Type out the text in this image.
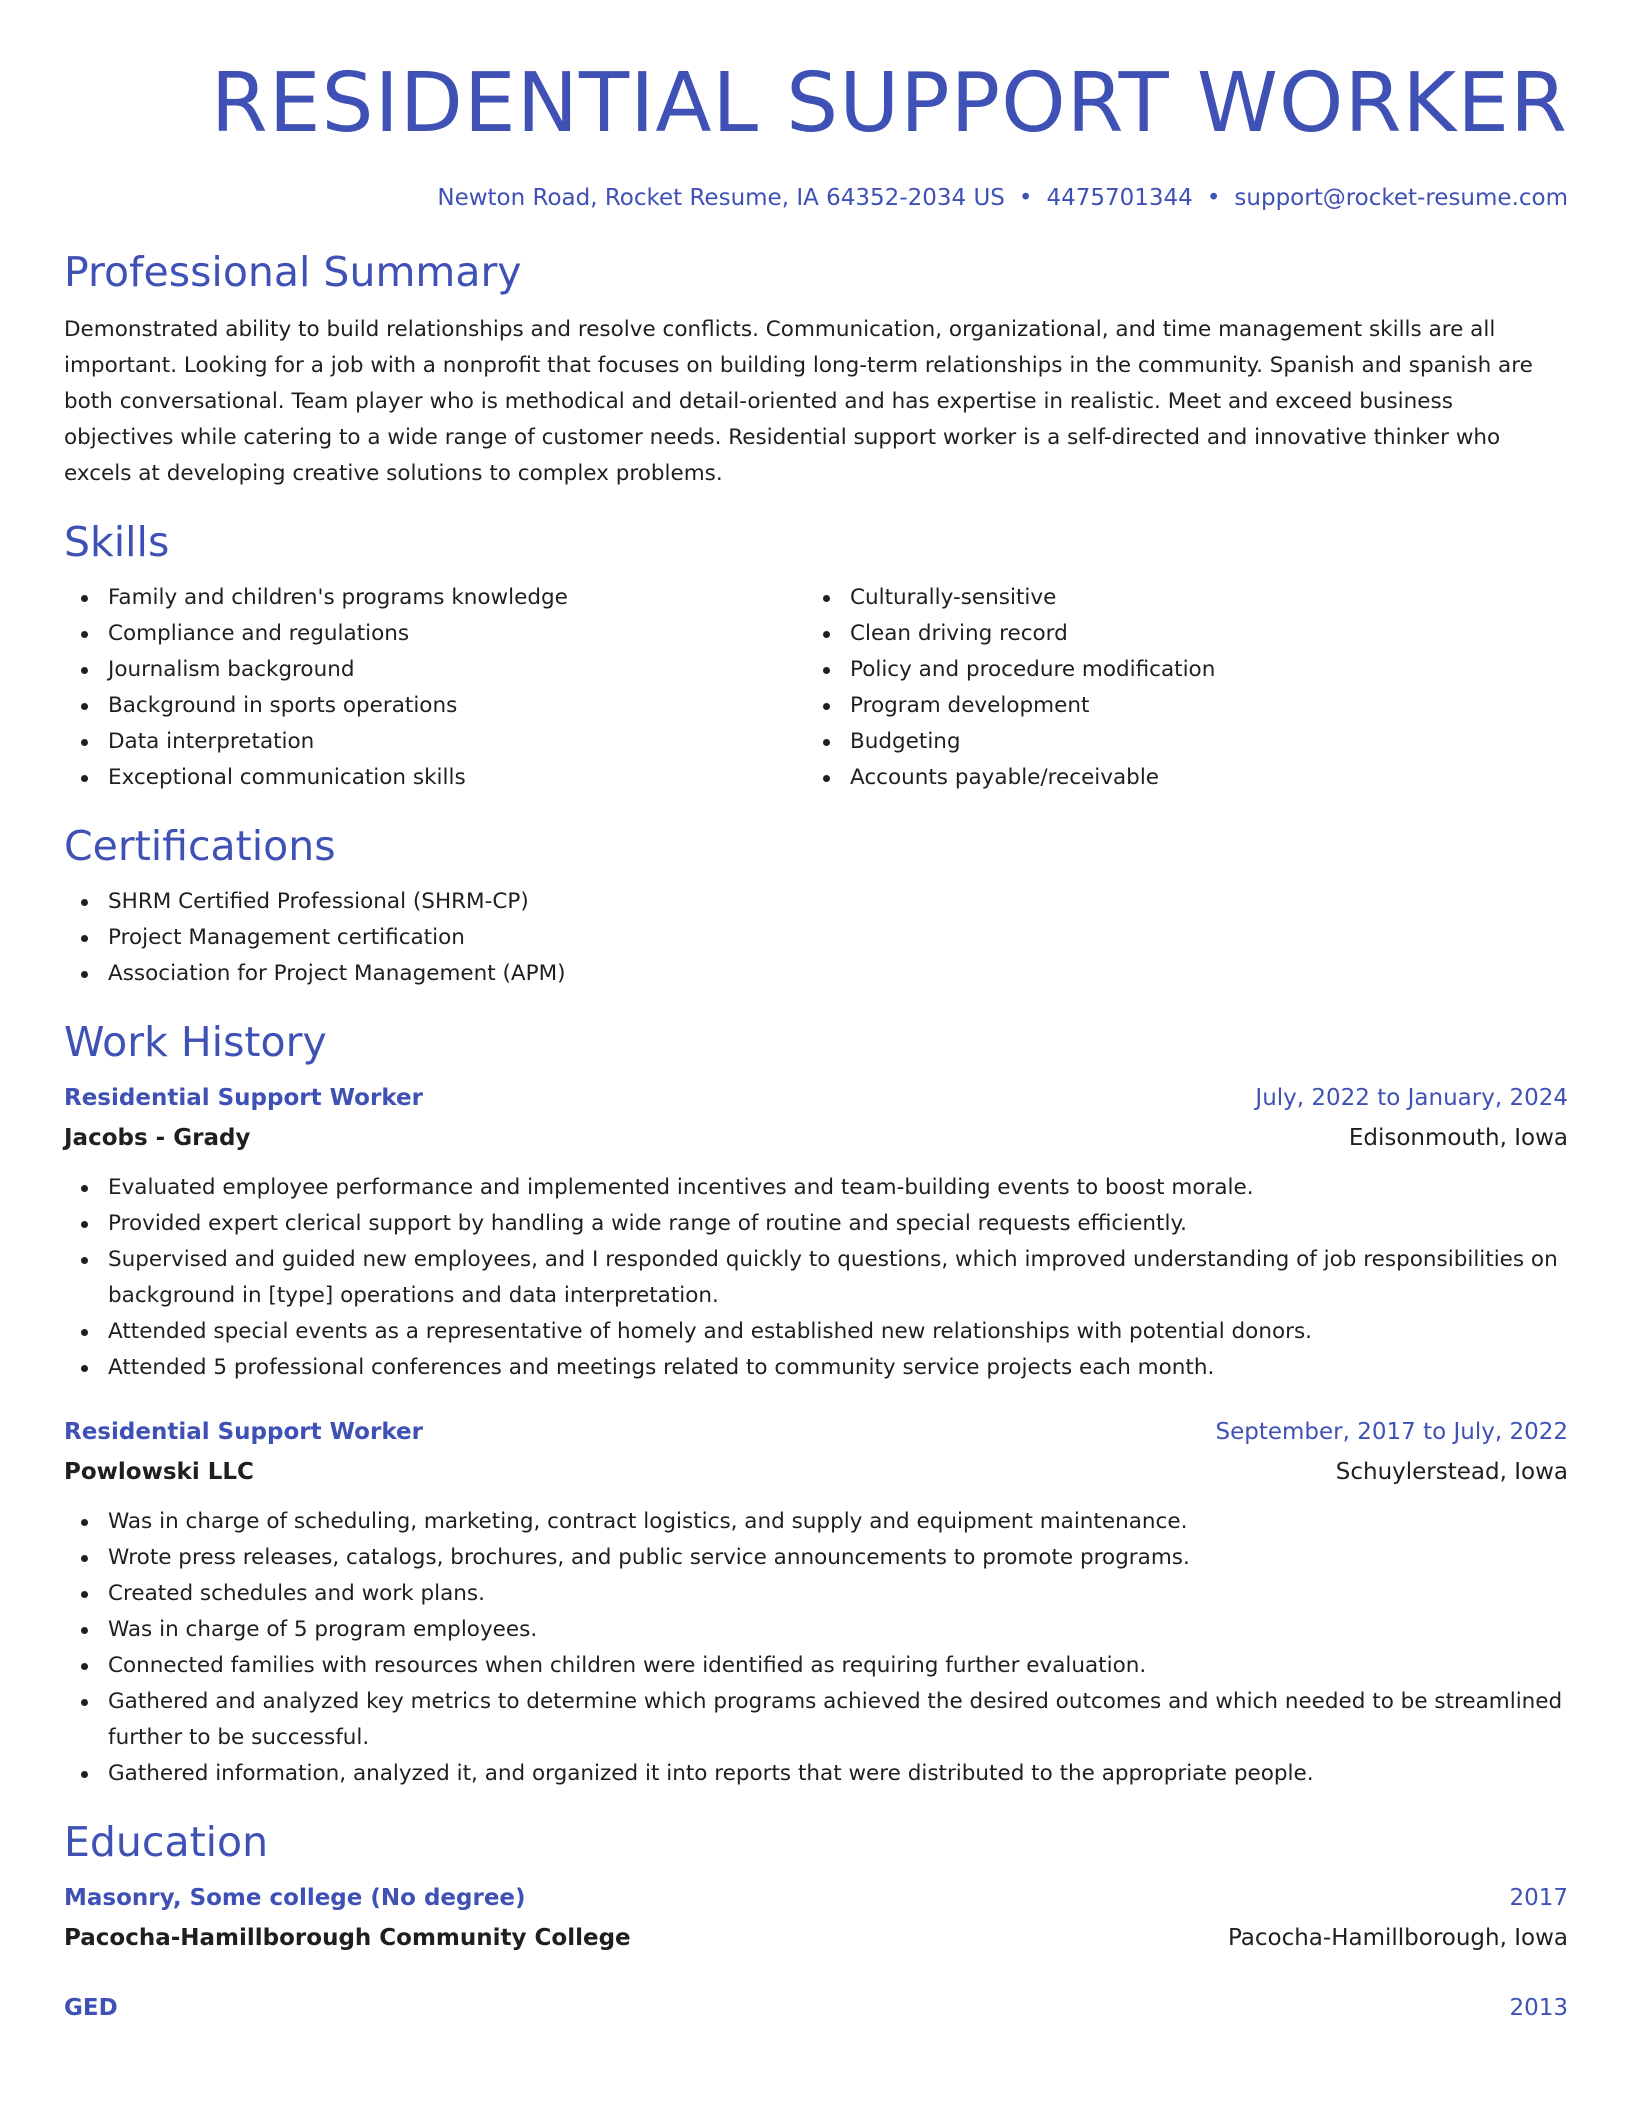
RESIDENTIAL SUPPORT WORKER
Newton Road, Rocket Resume, IA 64352-2034 US • 4475701344 • support@rocket-resume.com
Professional Summary

Demonstrated ability to build relationships and resolve conflicts. Communication, organizational, and time management skills are all important. Looking for a job with a nonprofit that focuses on building long-term relationships in the community. Spanish and spanish are both conversational. Team player who is methodical and detail-oriented and has expertise in realistic. Meet and exceed business objectives while catering to a wide range of customer needs. Residential support worker is a self-directed and innovative thinker who excels at developing creative solutions to complex problems.

Skills
Family and children's programs knowledge
Compliance and regulations
Journalism background
Background in sports operations
Data interpretation
Exceptional communication skills
Culturally-sensitive
Clean driving record
Policy and procedure modification
Program development
Budgeting
Accounts payable/receivable
Certifications
SHRM Certified Professional (SHRM-CP)
Project Management certification
Association for Project Management (APM)
Work History
Residential Support Worker	July, 2022 to January, 2024
Jacobs - Grady	Edisonmouth, Iowa
Evaluated employee performance and implemented incentives and team-building events to boost morale.
Provided expert clerical support by handling a wide range of routine and special requests efficiently.
Supervised and guided new employees, and I responded quickly to questions, which improved understanding of job responsibilities on background in [type] operations and data interpretation.
Attended special events as a representative of homely and established new relationships with potential donors.
Attended 5 professional conferences and meetings related to community service projects each month.
Residential Support Worker	September, 2017 to July, 2022
Powlowski LLC	Schuylerstead, Iowa
Was in charge of scheduling, marketing, contract logistics, and supply and equipment maintenance.
Wrote press releases, catalogs, brochures, and public service announcements to promote programs.
Created schedules and work plans.
Was in charge of 5 program employees.
Connected families with resources when children were identified as requiring further evaluation.
Gathered and analyzed key metrics to determine which programs achieved the desired outcomes and which needed to be streamlined further to be successful.
Gathered information, analyzed it, and organized it into reports that were distributed to the appropriate people.
Education
Masonry, Some college (No degree)	2017
Pacocha-Hamillborough Community College	Pacocha-Hamillborough, Iowa
GED	2013
